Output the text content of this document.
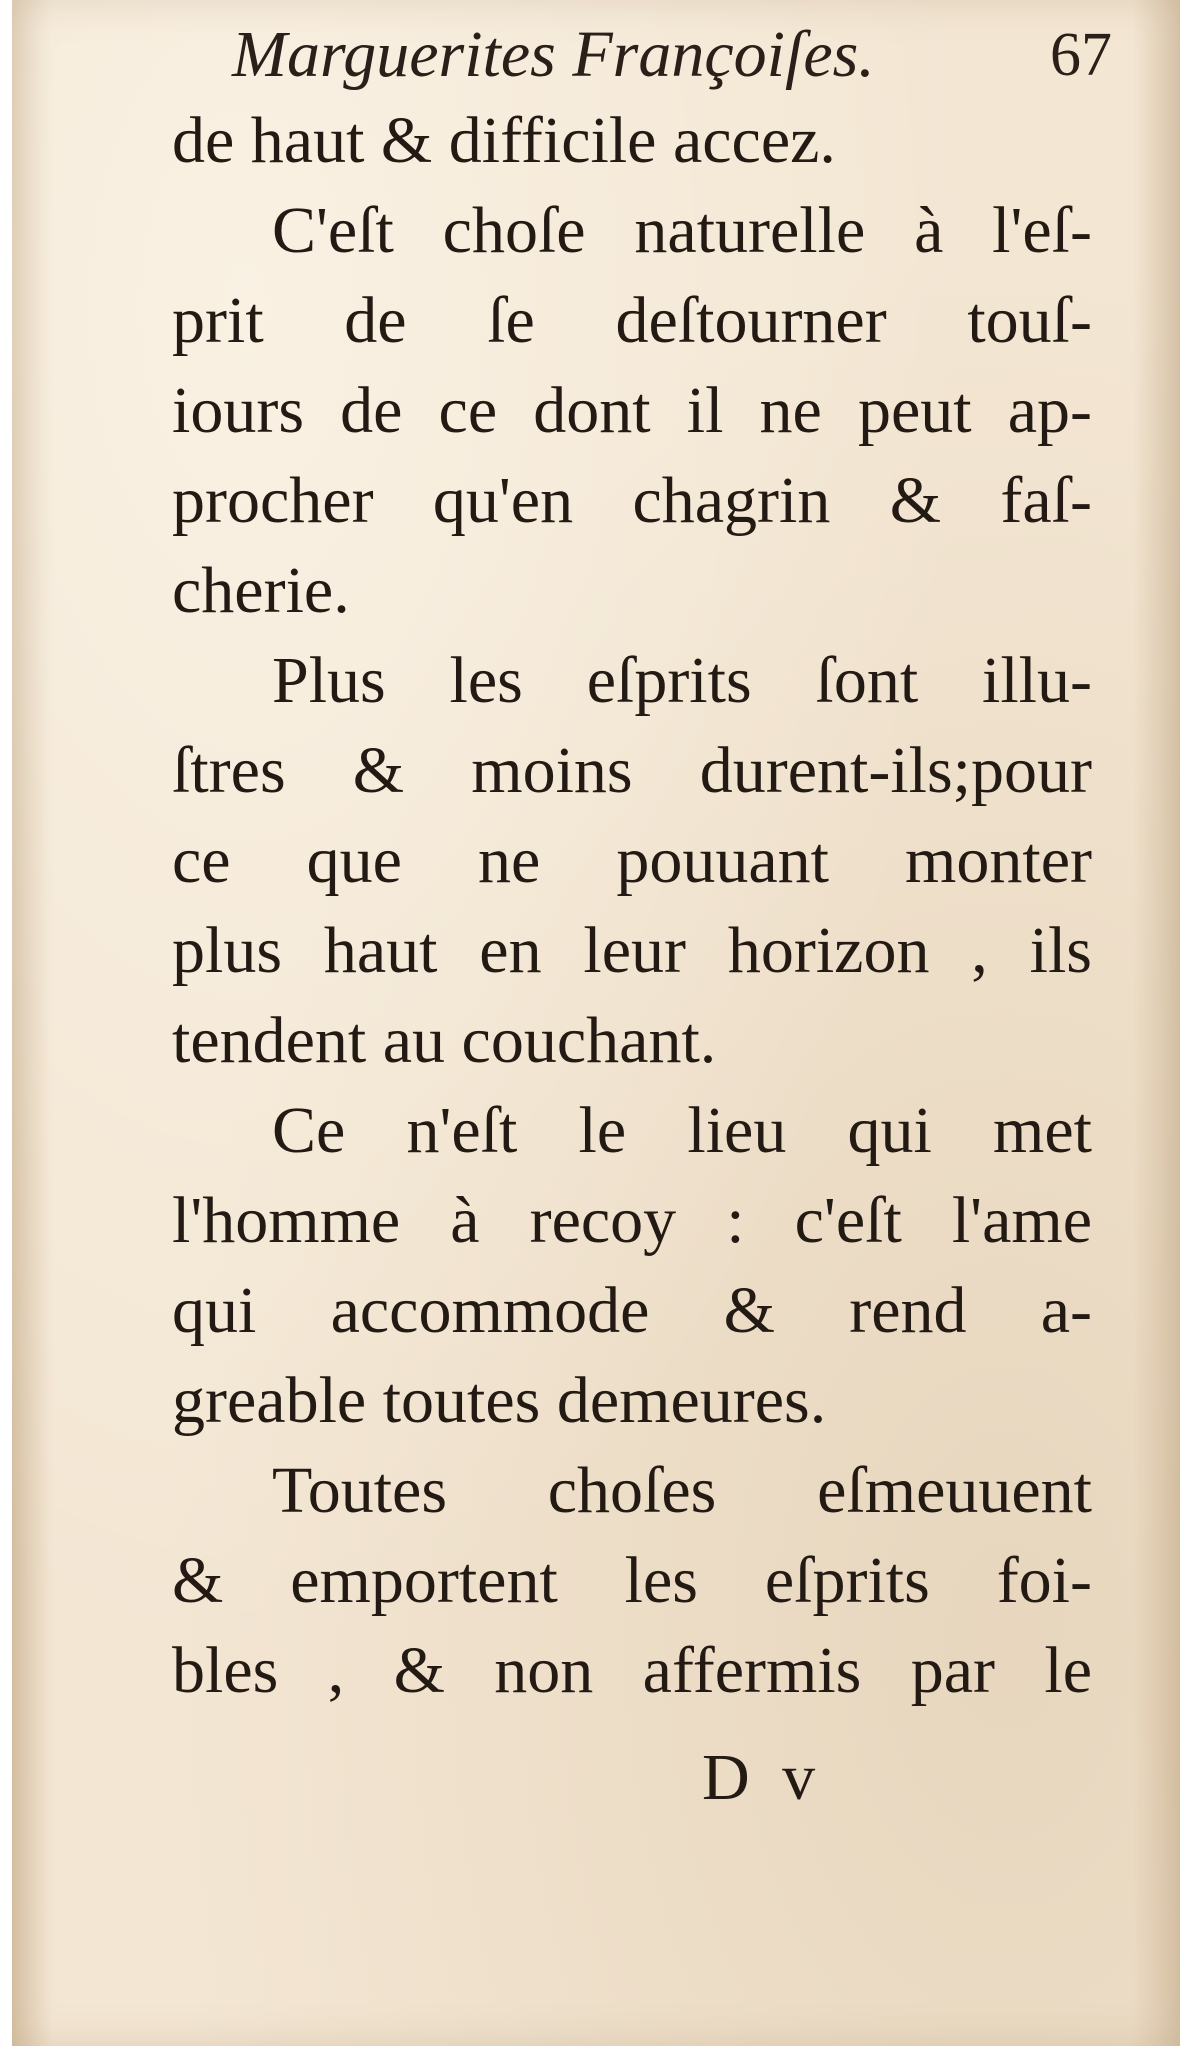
Marguerites Françoiſes.	67
de haut & difficile accez.
C'eſt choſe naturelle à l'eſ-
prit de ſe deſtourner touſ-
iours de ce dont il ne peut ap-
procher qu'en chagrin & faſ-
cherie.
Plus les eſprits ſont illu-
ſtres & moins durent-ils;pour
ce que ne pouuant monter
plus haut en leur horizon , ils
tendent au couchant.
Ce n'eſt le lieu qui met
l'homme à recoy : c'eſt l'ame
qui accommode & rend a-
greable toutes demeures.
Toutes choſes eſmeuuent
& emportent les eſprits foi-
bles , & non affermis par le
D v
